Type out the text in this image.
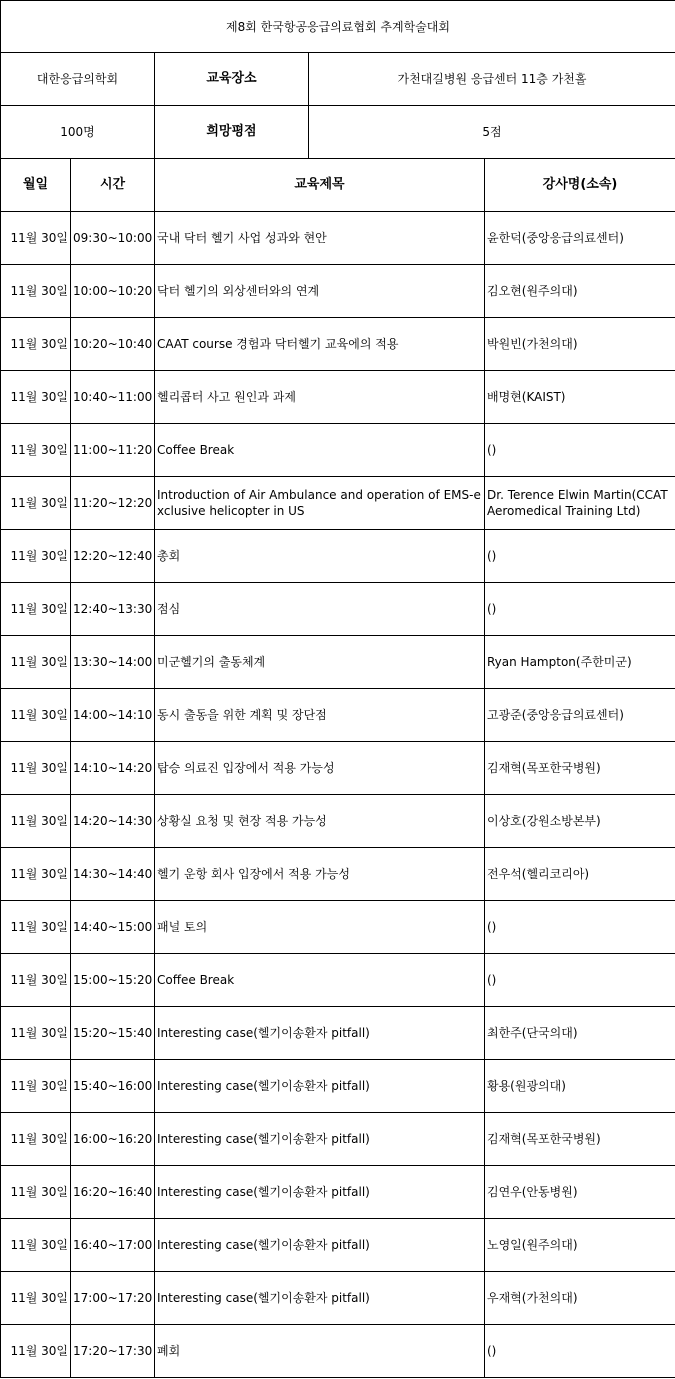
제8회 한국항공응급의료협회 추계학술대회				
대한응급의학회		교육장소	가천대길병원 응급센터 11층 가천홀	
100명		희망평점	5점	
월일	시간	교육제목		강사명(소속)
11월 30일	09:30~10:00	국내 닥터 헬기 사업 성과와 현안		윤한덕(중앙응급의료센터)
11월 30일	10:00~10:20	닥터 헬기의 외상센터와의 연계		김오현(원주의대)
11월 30일	10:20~10:40	CAAT course 경험과 닥터헬기 교육에의 적용		박원빈(가천의대)
11월 30일	10:40~11:00	헬리콥터 사고 원인과 과제		배명현(KAIST)
11월 30일	11:00~11:20	Coffee Break		()
11월 30일	11:20~12:20	Introduction of Air Ambulance and operation of EMS-exclusive helicopter in US		Dr. Terence Elwin Martin(CCAT Aeromedical Training Ltd)
11월 30일	12:20~12:40	총회		()
11월 30일	12:40~13:30	점심		()
11월 30일	13:30~14:00	미군헬기의 출동체계		Ryan Hampton(주한미군)
11월 30일	14:00~14:10	동시 출동을 위한 계획 및 장단점		고광준(중앙응급의료센터)
11월 30일	14:10~14:20	탑승 의료진 입장에서 적용 가능성		김재혁(목포한국병원)
11월 30일	14:20~14:30	상황실 요청 및 현장 적용 가능성		이상호(강원소방본부)
11월 30일	14:30~14:40	헬기 운항 회사 입장에서 적용 가능성		전우석(헬리코리아)
11월 30일	14:40~15:00	패널 토의		()
11월 30일	15:00~15:20	Coffee Break		()
11월 30일	15:20~15:40	Interesting case(헬기이송환자 pitfall)		최한주(단국의대)
11월 30일	15:40~16:00	Interesting case(헬기이송환자 pitfall)		황용(원광의대)
11월 30일	16:00~16:20	Interesting case(헬기이송환자 pitfall)		김재혁(목포한국병원)
11월 30일	16:20~16:40	Interesting case(헬기이송환자 pitfall)		김연우(안동병원)
11월 30일	16:40~17:00	Interesting case(헬기이송환자 pitfall)		노영일(원주의대)
11월 30일	17:00~17:20	Interesting case(헬기이송환자 pitfall)		우재혁(가천의대)
11월 30일	17:20~17:30	폐회		()
